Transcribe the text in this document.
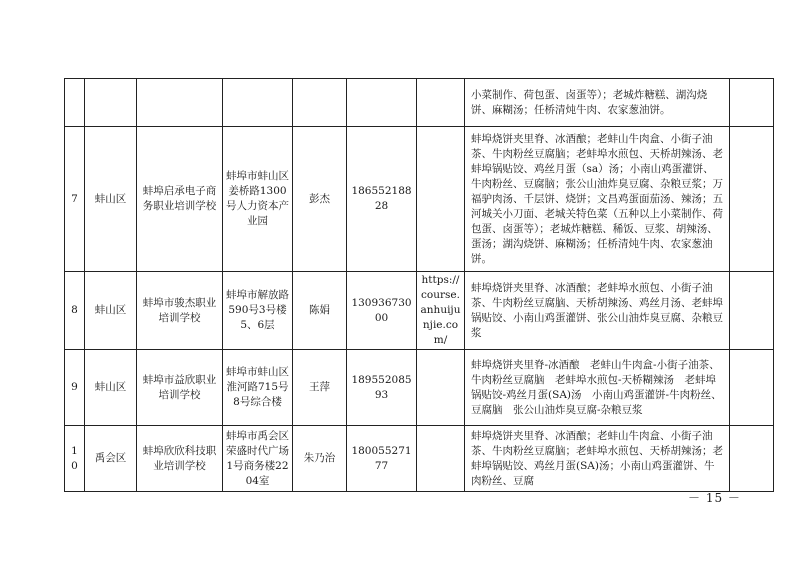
							小菜制作、荷包蛋、卤蛋等）；老城炸糖糕、湖沟烧饼、麻糊汤；任桥清炖牛肉、农家葱油饼。	
7	蚌山区	蚌埠启承电子商务职业培训学校	蚌埠市蚌山区姜桥路1300号人力资本产业园	彭杰	18655218828		蚌埠烧饼夹里脊、冰酒酿；老蚌山牛肉盒、小街子油茶、牛肉粉丝豆腐脑；老蚌埠水煎包、天桥胡辣汤、老蚌埠锅贴饺、鸡丝月蛋（sa）汤；小南山鸡蛋灌饼、牛肉粉丝、豆腐脑；张公山油炸臭豆腐、杂粮豆浆；万福驴肉汤、千层饼、烧饼；文昌鸡蛋面茄汤、辣汤；五河城关小刀面、老城关特色菜（五种以上小菜制作、荷包蛋、卤蛋等）；老城炸糖糕、稀饭、豆浆、胡辣汤、蛋汤；湖沟烧饼、麻糊汤；任桥清炖牛肉、农家葱油饼。	
8	蚌山区	蚌埠市骏杰职业培训学校	蚌埠市解放路590号3号楼5、6层	陈娟	13093673000	https://course.anhuijunjie.com/	蚌埠烧饼夹里脊、冰酒酿；老蚌埠水煎包、小街子油茶、牛肉粉丝豆腐脑、天桥胡辣汤、鸡丝月汤、老蚌埠锅贴饺、小南山鸡蛋灌饼、张公山油炸臭豆腐、杂粮豆浆	
9	蚌山区	蚌埠市益欣职业培训学校	蚌埠市蚌山区淮河路715号8号综合楼	王萍	18955208593		蚌埠烧饼夹里脊-冰酒酿　老蚌山牛肉盒-小街子油茶、牛肉粉丝豆腐脑　老蚌埠水煎包-天桥糊辣汤　老蚌埠锅贴饺-鸡丝月蛋(SA)汤　小南山鸡蛋灌饼-牛肉粉丝、豆腐脑　张公山油炸臭豆腐-杂粮豆浆	
10	禹会区	蚌埠欣欣科技职业培训学校	蚌埠市禹会区荣盛时代广场1号商务楼2204室	朱乃治	18005527177		蚌埠烧饼夹里脊、冰酒酿；老蚌山牛肉盒、小街子油茶、牛肉粉丝豆腐脑；老蚌埠水煎包、天桥胡辣汤；老蚌埠锅贴饺、鸡丝月蛋(SA)汤；小南山鸡蛋灌饼、牛肉粉丝、豆腐	
－ 15 －
